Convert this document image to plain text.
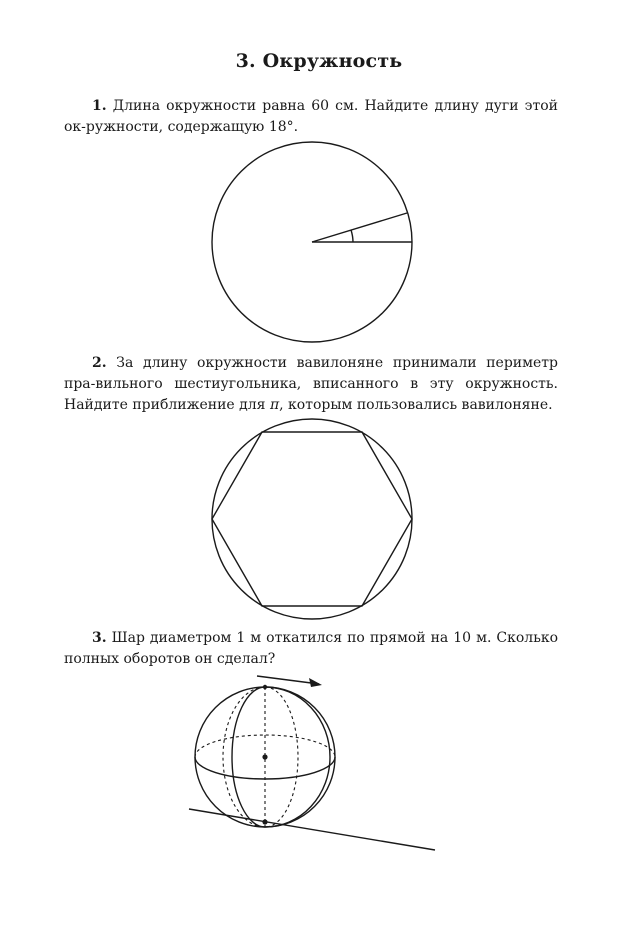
3. Окружность
1. Длина окружности равна 60 см. Найдите длину дуги этой ок-ружности, содержащую 18°.
2. За длину окружности вавилоняне принимали периметр пра-вильного шестиугольника, вписанного в эту окружность. Найдите приближение для π, которым пользовались вавилоняне.
3. Шар диаметром 1 м откатился по прямой на 10 м. Сколько полных оборотов он сделал?
